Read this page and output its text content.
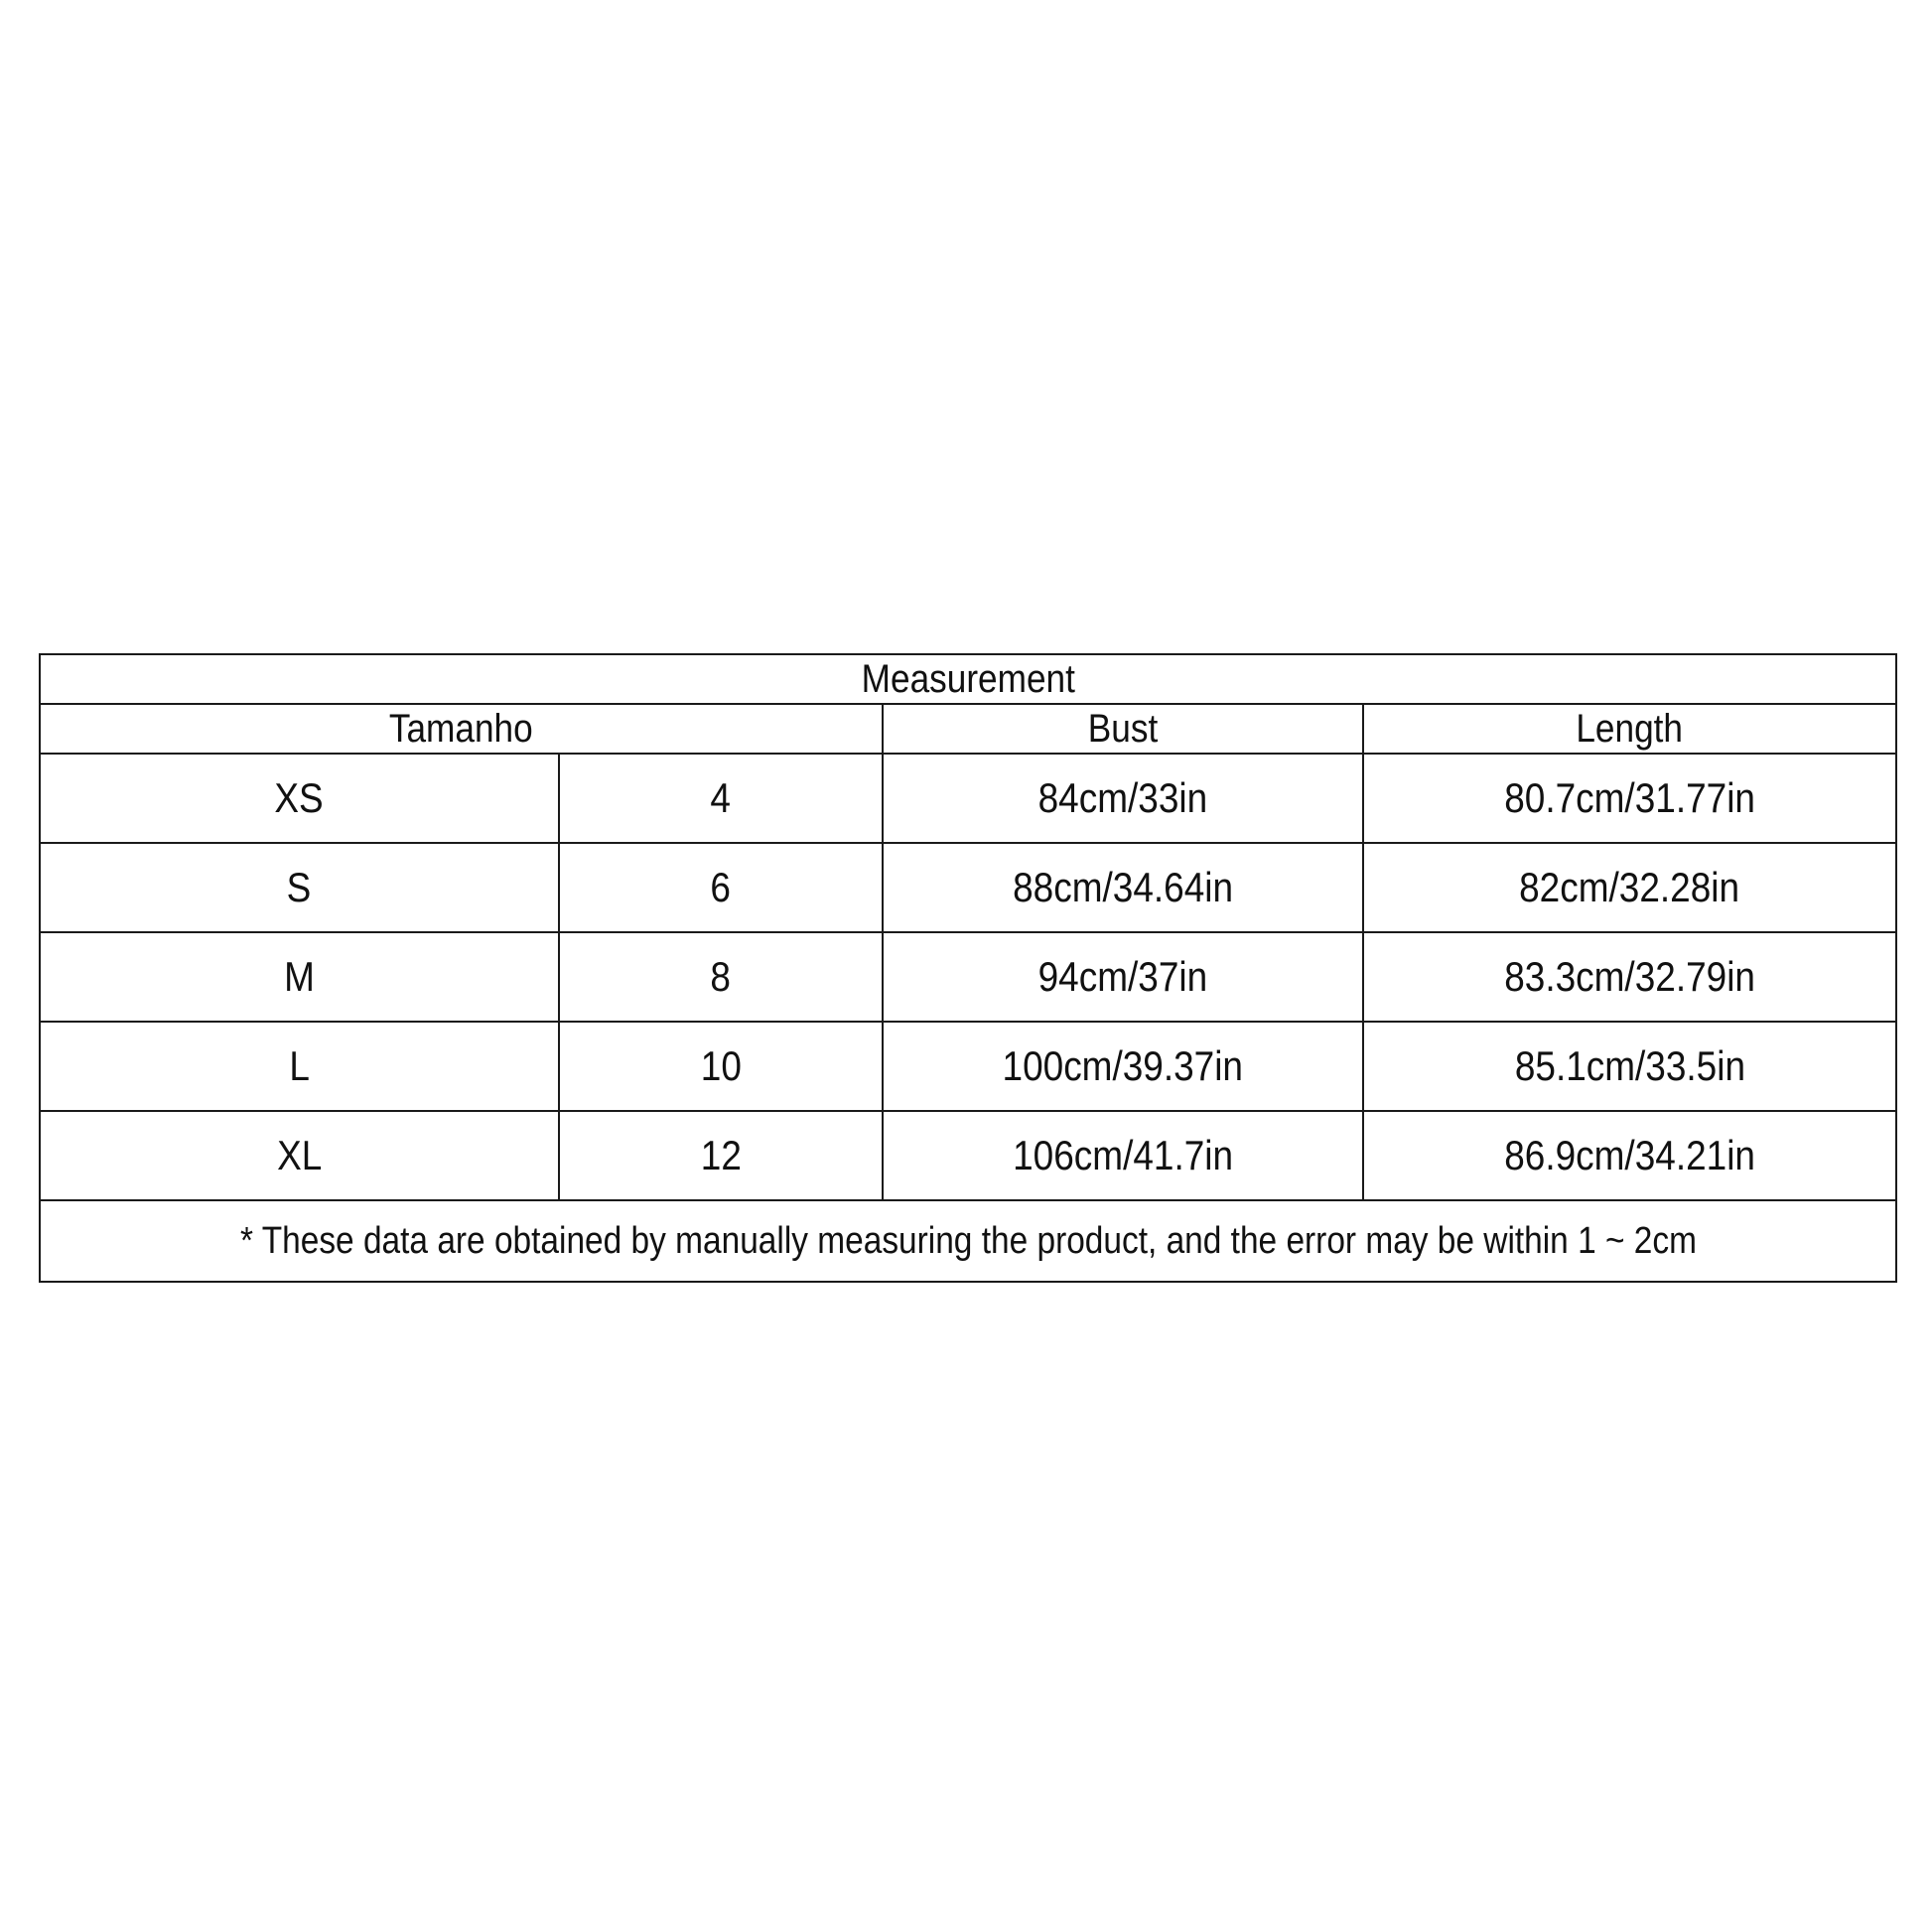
Measurement			
Tamanho		Bust	Length
XS	4	84cm/33in	80.7cm/31.77in
S	6	88cm/34.64in	82cm/32.28in
M	8	94cm/37in	83.3cm/32.79in
L	10	100cm/39.37in	85.1cm/33.5in
XL	12	106cm/41.7in	86.9cm/34.21in
* These data are obtained by manually measuring the product, and the error may be within 1 ~ 2cm			
